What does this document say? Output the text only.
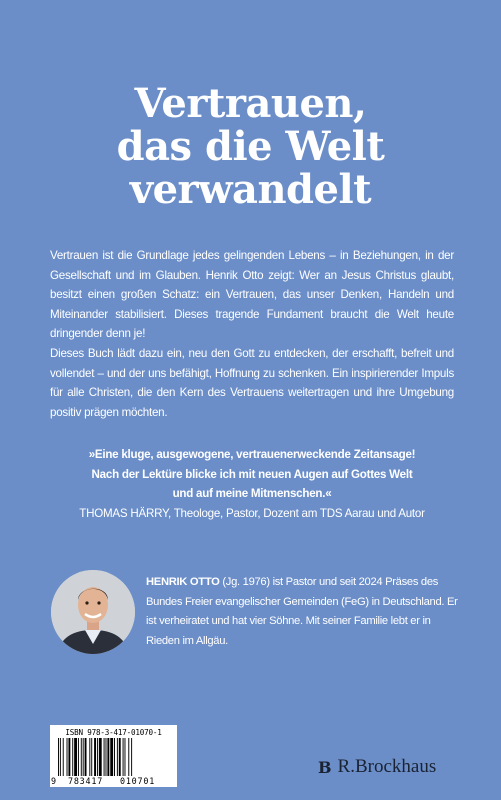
Vertrauen,
das die Welt
verwandelt

Vertrauen ist die Grundlage jedes gelingenden Lebens – in Beziehungen, in der Gesellschaft und im Glauben. Henrik Otto zeigt: Wer an Jesus Christus glaubt, besitzt einen großen Schatz: ein Vertrauen, das unser Denken, Handeln und Miteinander stabilisiert. Dieses tragende Fundament braucht die Welt heute dringender denn je!

Dieses Buch lädt dazu ein, neu den Gott zu entdecken, der erschafft, befreit und vollendet – und der uns befähigt, Hoffnung zu schenken. Ein inspirierender Impuls für alle Christen, die den Kern des Vertrauens weitertragen und ihre Umgebung positiv prägen möchten.

»Eine kluge, ausgewogene, vertrauenerweckende Zeitansage!
Nach der Lektüre blicke ich mit neuen Augen auf Gottes Welt
und auf meine Mitmenschen.«
THOMAS HÄRRY, Theologe, Pastor, Dozent am TDS Aarau und Autor
HENRIK OTTO (Jg. 1976) ist Pastor und seit 2024 Präses des Bundes Freier evangelischer Gemeinden (FeG) in Deutschland. Er ist verheiratet und hat vier Söhne. Mit seiner Familie lebt er in Rieden im Allgäu.
ISBN 978-3-417-01070-1
9 783417 010701
B R.Brockhaus
